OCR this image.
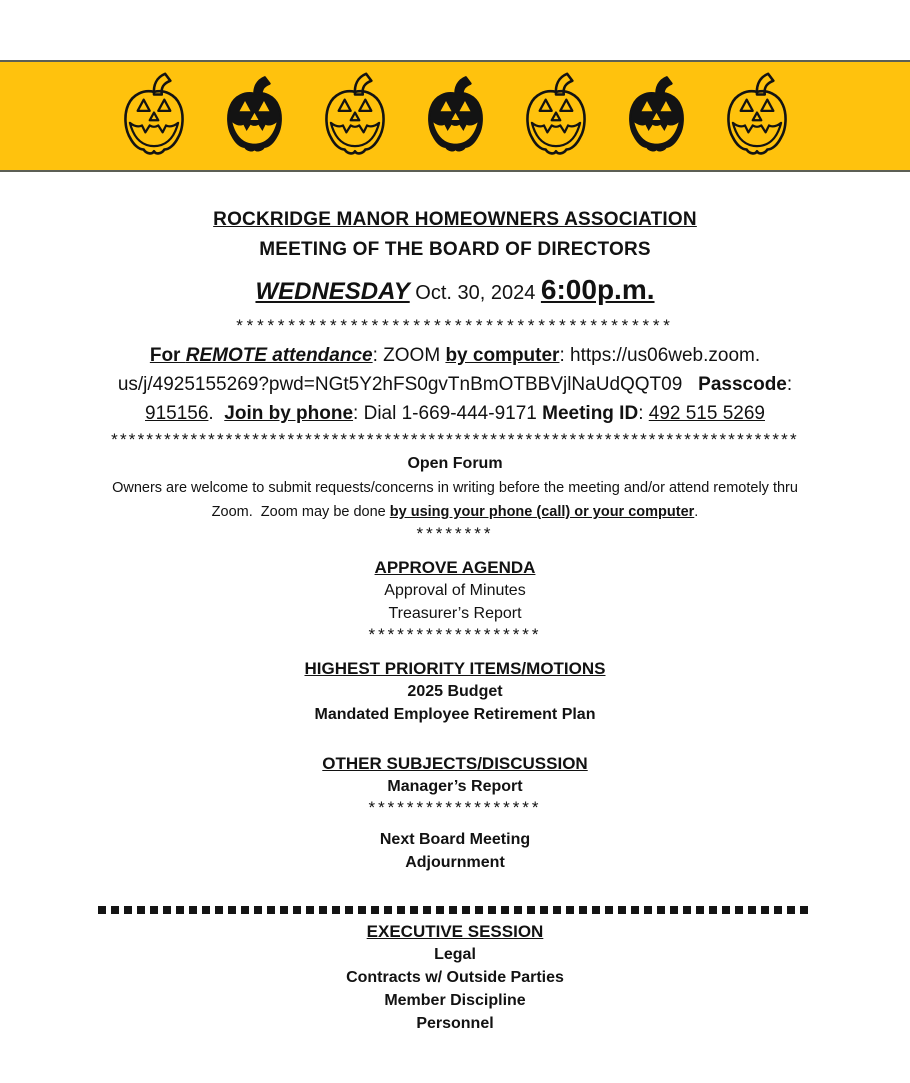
ROCKRIDGE MANOR HOMEOWNERS ASSOCIATION
MEETING OF THE BOARD OF DIRECTORS
WEDNESDAY Oct. 30, 2024 6:00p.m.
******************************************
For REMOTE attendance: ZOOM by computer: https://us06web.zoom.
us/j/4925155269?pwd=NGt5Y2hFS0gvTnBmOTBBVjlNaUdQQT09 Passcode:
915156.  Join by phone: Dial 1-669-444-9171 Meeting ID: 492 515 5269
******************************************************************************
Open Forum
Owners are welcome to submit requests/concerns in writing before the meeting and/or attend remotely thru Zoom.  Zoom may be done by using your phone (call) or your computer.
********
APPROVE AGENDA
Approval of Minutes
Treasurer’s Report
******************
HIGHEST PRIORITY ITEMS/MOTIONS
2025 Budget
Mandated Employee Retirement Plan
OTHER SUBJECTS/DISCUSSION
Manager’s Report
******************
Next Board Meeting
Adjournment
EXECUTIVE SESSION
Legal
Contracts w/ Outside Parties
Member Discipline
Personnel
